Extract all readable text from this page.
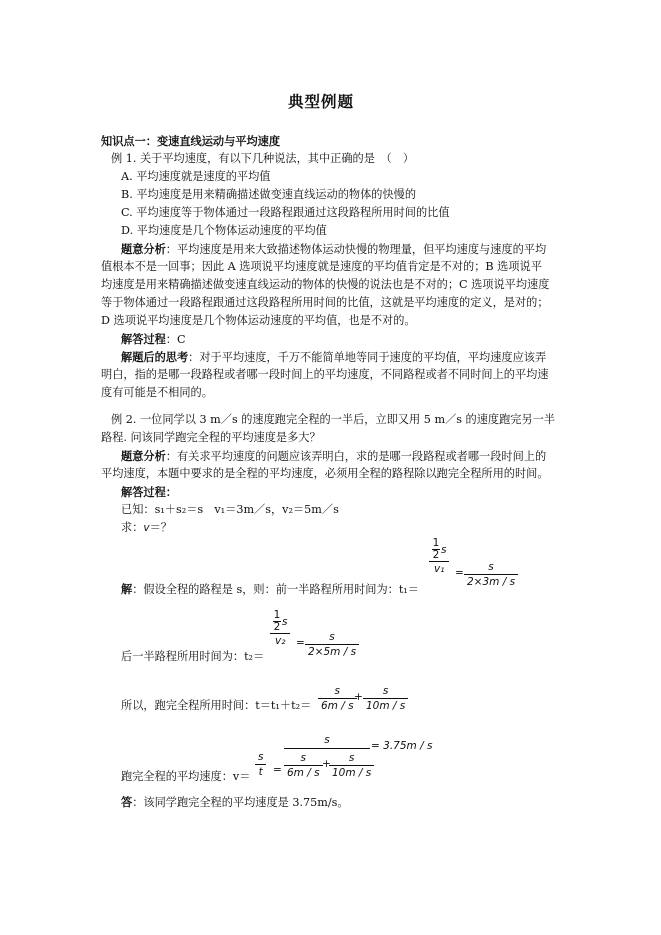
典型例题
知识点一：变速直线运动与平均速度
例 1. 关于平均速度，有以下几种说法，其中正确的是　（　）
A. 平均速度就是速度的平均值
B. 平均速度是用来精确描述做变速直线运动的物体的快慢的
C. 平均速度等于物体通过一段路程跟通过这段路程所用时间的比值
D. 平均速度是几个物体运动速度的平均值
题意分析：平均速度是用来大致描述物体运动快慢的物理量，但平均速度与速度的平均
值根本不是一回事；因此 A 选项说平均速度就是速度的平均值肯定是不对的；B 选项说平
均速度是用来精确描述做变速直线运动的物体的快慢的说法也是不对的；C 选项说平均速度
等于物体通过一段路程跟通过这段路程所用时间的比值，这就是平均速度的定义，是对的；
D 选项说平均速度是几个物体运动速度的平均值，也是不对的。
解答过程：C
解题后的思考：对于平均速度，千万不能简单地等同于速度的平均值，平均速度应该弄
明白，指的是哪一段路程或者哪一段时间上的平均速度，不同路程或者不同时间上的平均速
度有可能是不相同的。
例 2. 一位同学以 3 m／s 的速度跑完全程的一半后，立即又用 5 m／s 的速度跑完另一半
路程. 问该同学跑完全程的平均速度是多大？
题意分析：有关求平均速度的问题应该弄明白，求的是哪一段路程或者哪一段时间上的
平均速度，本题中要求的是全程的平均速度，必须用全程的路程除以跑完全程所用的时间。
解答过程：
已知：s₁＋s₂＝s　v₁＝3m／s，v₂＝5m／s
求：v＝？
解：假设全程的路程是 s，则：前一半路程所用时间为：t₁＝
1
2 s
v₁ = s
2×3m / s
后一半路程所用时间为：t₂＝
1
2 s
v₂ = s
2×5m / s
所以，跑完全程所用时间：t＝t₁＋t₂＝
s
6m / s
+ s
10m / s
跑完全程的平均速度：v＝
s
t =
s
s
6m / s
+ s
10m / s
= 3.75m / s
答：该同学跑完全程的平均速度是 3.75m/s。
